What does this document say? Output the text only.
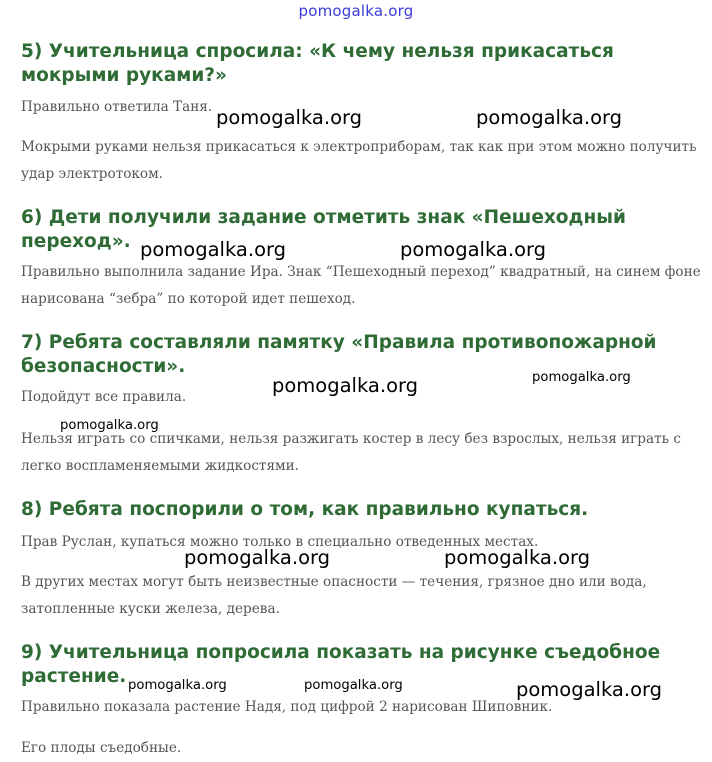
pomogalka.org
5) Учительница спросила: «К чему нельзя прикасаться мокрыми руками?»

Правильно ответила Таня.

Мокрыми руками нельзя прикасаться к электроприборам, так как при этом можно получить удар электротоком.

6) Дети получили задание отметить знак «Пешеходный переход».

Правильно выполнила задание Ира. Знак “Пешеходный переход” квадратный, на синем фоне нарисована “зебра” по которой идет пешеход.

7) Ребята составляли памятку «Правила противопожарной безопасности».

Подойдут все правила.

Нельзя играть со спичками, нельзя разжигать костер в лесу без взрослых, нельзя играть с легко воспламеняемыми жидкостями.

8) Ребята поспорили о том, как правильно купаться.

Прав Руслан, купаться можно только в специально отведенных местах.

В других местах могут быть неизвестные опасности — течения, грязное дно или вода, затопленные куски железа, дерева.

9) Учительница попросила показать на рисунке съедобное растение.

Правильно показала растение Надя, под цифрой 2 нарисован Шиповник.

Его плоды съедобные.

pomogalka.org	pomogalka.org
pomogalka.org	pomogalka.org
pomogalka.org	pomogalka.org
pomogalka.org
pomogalka.org	pomogalka.org
pomogalka.org	pomogalka.org	pomogalka.org
